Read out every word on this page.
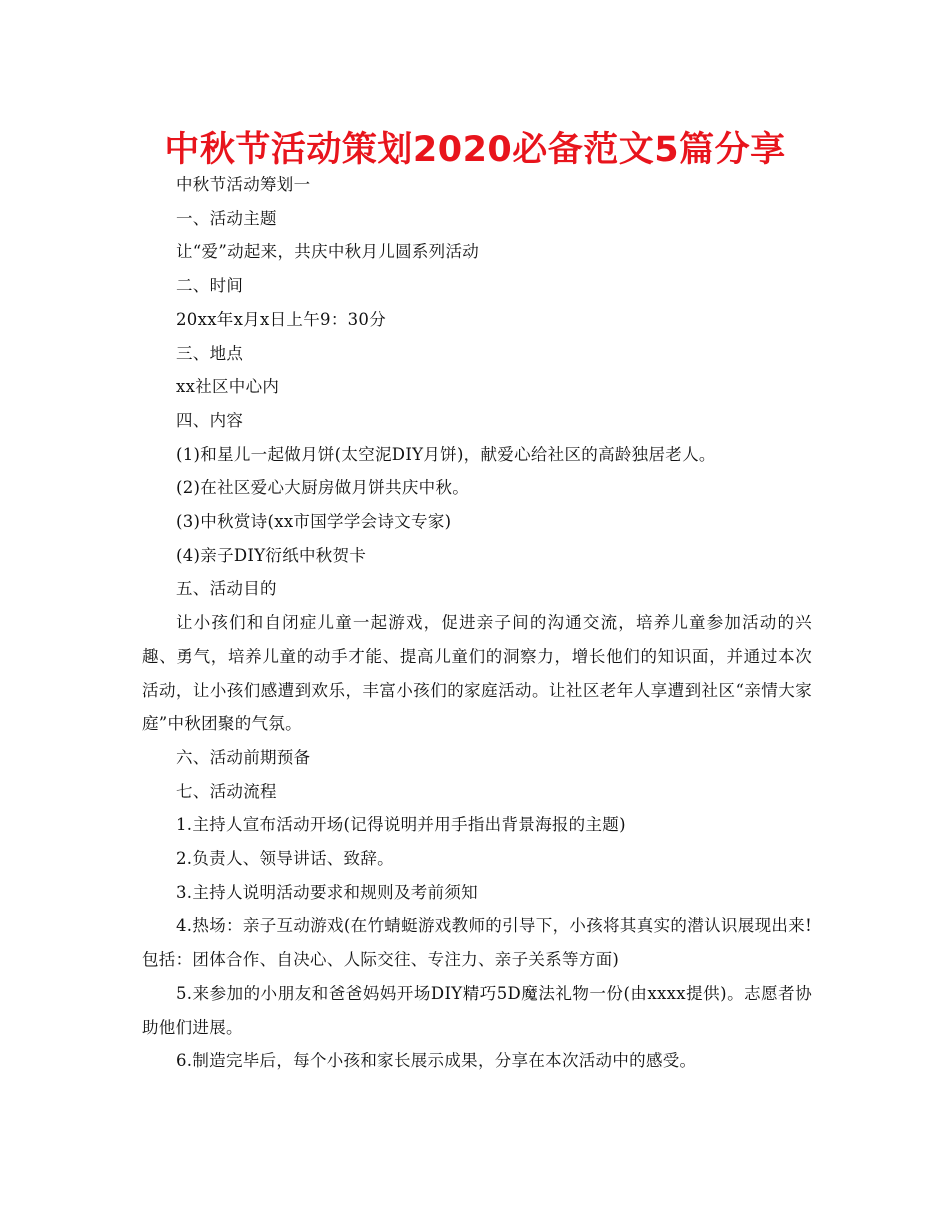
中秋节活动策划2020必备范文5篇分享

中秋节活动筹划一

一、活动主题

让“爱”动起来，共庆中秋月儿圆系列活动

二、时间

20xx年x月x日上午9：30分

三、地点

xx社区中心内

四、内容

(1)和星儿一起做月饼(太空泥DIY月饼)，献爱心给社区的高龄独居老人。

(2)在社区爱心大厨房做月饼共庆中秋。

(3)中秋赏诗(xx市国学学会诗文专家)

(4)亲子DIY衍纸中秋贺卡

五、活动目的

让小孩们和自闭症儿童一起游戏，促进亲子间的沟通交流，培养儿童参加活动的兴趣、勇气，培养儿童的动手才能、提高儿童们的洞察力，增长他们的知识面，并通过本次活动，让小孩们感遭到欢乐，丰富小孩们的家庭活动。让社区老年人享遭到社区“亲情大家庭”中秋团聚的气氛。

六、活动前期预备

七、活动流程

1.主持人宣布活动开场(记得说明并用手指出背景海报的主题)

2.负责人、领导讲话、致辞。

3.主持人说明活动要求和规则及考前须知

4.热场：亲子互动游戏(在竹蜻蜓游戏教师的引导下，小孩将其真实的潜认识展现出来!包括：团体合作、自决心、人际交往、专注力、亲子关系等方面)

5.来参加的小朋友和爸爸妈妈开场DIY精巧5D魔法礼物一份(由xxxx提供)。志愿者协助他们进展。

6.制造完毕后，每个小孩和家长展示成果，分享在本次活动中的感受。
